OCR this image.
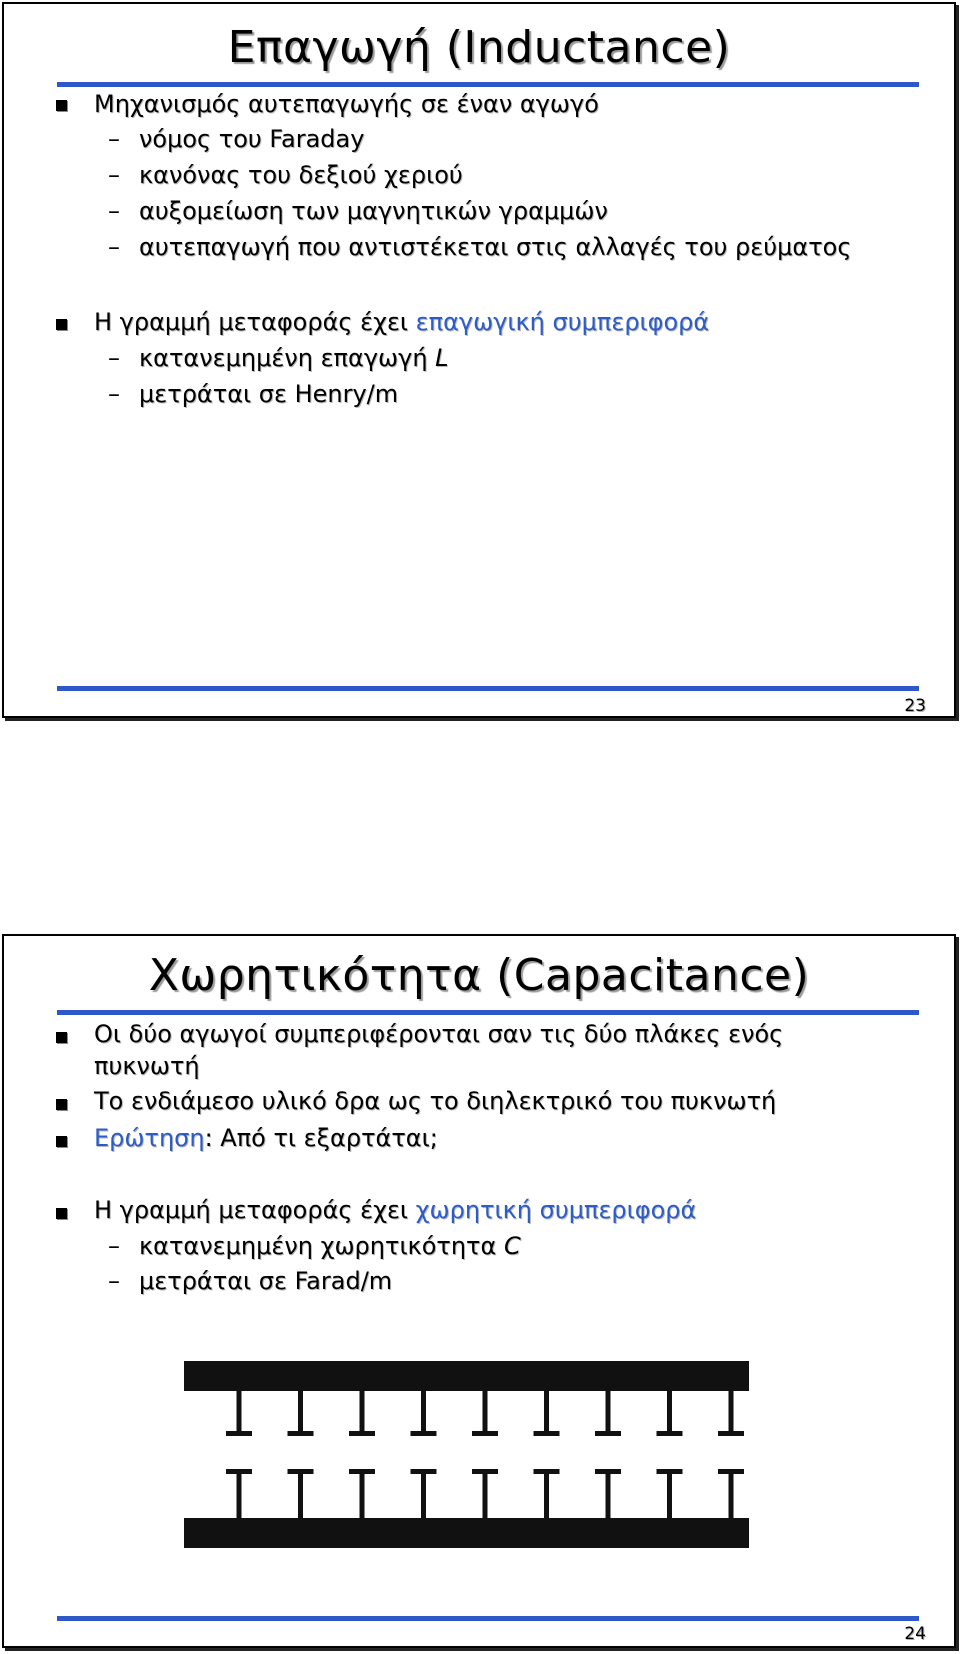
Επαγωγή (Inductance)
Μηχανισμός αυτεπαγωγής σε έναν αγωγό
– νόμος του Faraday
– κανόνας του δεξιού χεριού
– αυξομείωση των μαγνητικών γραμμών
– αυτεπαγωγή που αντιστέκεται στις αλλαγές του ρεύματος
Η γραμμή μεταφοράς έχει επαγωγική συμπεριφορά
– κατανεμημένη επαγωγή L
– μετράται σε Henry/m
23
Χωρητικότητα (Capacitance)
Οι δύο αγωγοί συμπεριφέρονται σαν τις δύο πλάκες ενός
πυκνωτή
Το ενδιάμεσο υλικό δρα ως το διηλεκτρικό του πυκνωτή
Ερώτηση: Από τι εξαρτάται;
Η γραμμή μεταφοράς έχει χωρητική συμπεριφορά
– κατανεμημένη χωρητικότητα C
– μετράται σε Farad/m
24
